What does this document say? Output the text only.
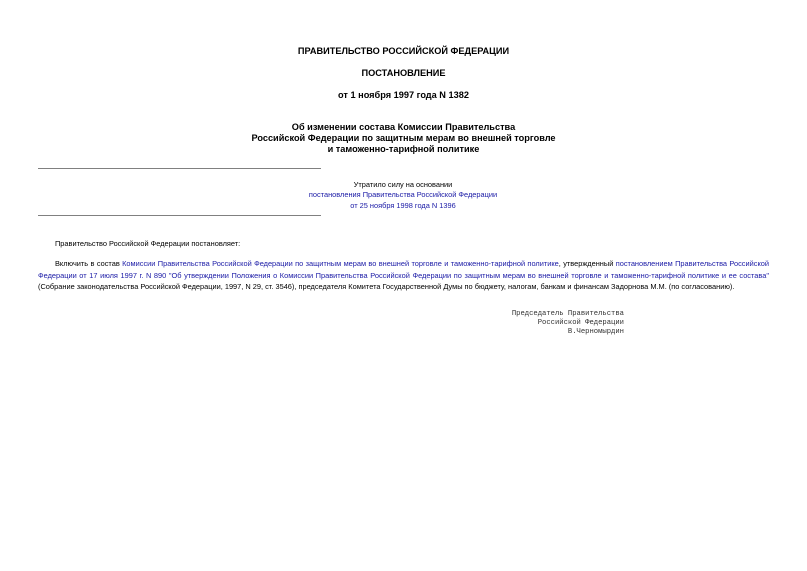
ПРАВИТЕЛЬСТВО РОССИЙСКОЙ ФЕДЕРАЦИИ
ПОСТАНОВЛЕНИЕ
от 1 ноября 1997 года N 1382
Об изменении состава Комиссии Правительства
Российской Федерации по защитным мерам во внешней торговле
и таможенно-тарифной политике
Утратило силу на основании
постановления Правительства Российской Федерации
от 25 ноября 1998 года N 1396
Правительство Российской Федерации постановляет:
Включить в состав Комиссии Правительства Российской Федерации по защитным мерам во внешней торговле и таможенно-тарифной политике, утвержденный постановлением Правительства Российской Федерации от 17 июля 1997 г. N 890 "Об утверждении Положения о Комиссии Правительства Российской Федерации по защитным мерам во внешней торговле и таможенно-тарифной политике и ее состава" (Собрание законодательства Российской Федерации, 1997, N 29, ст. 3546), председателя Комитета Государственной Думы по бюджету, налогам, банкам и финансам Задорнова М.М. (по согласованию).
Председатель Правительства
Российской Федерации
В.Черномырдин
